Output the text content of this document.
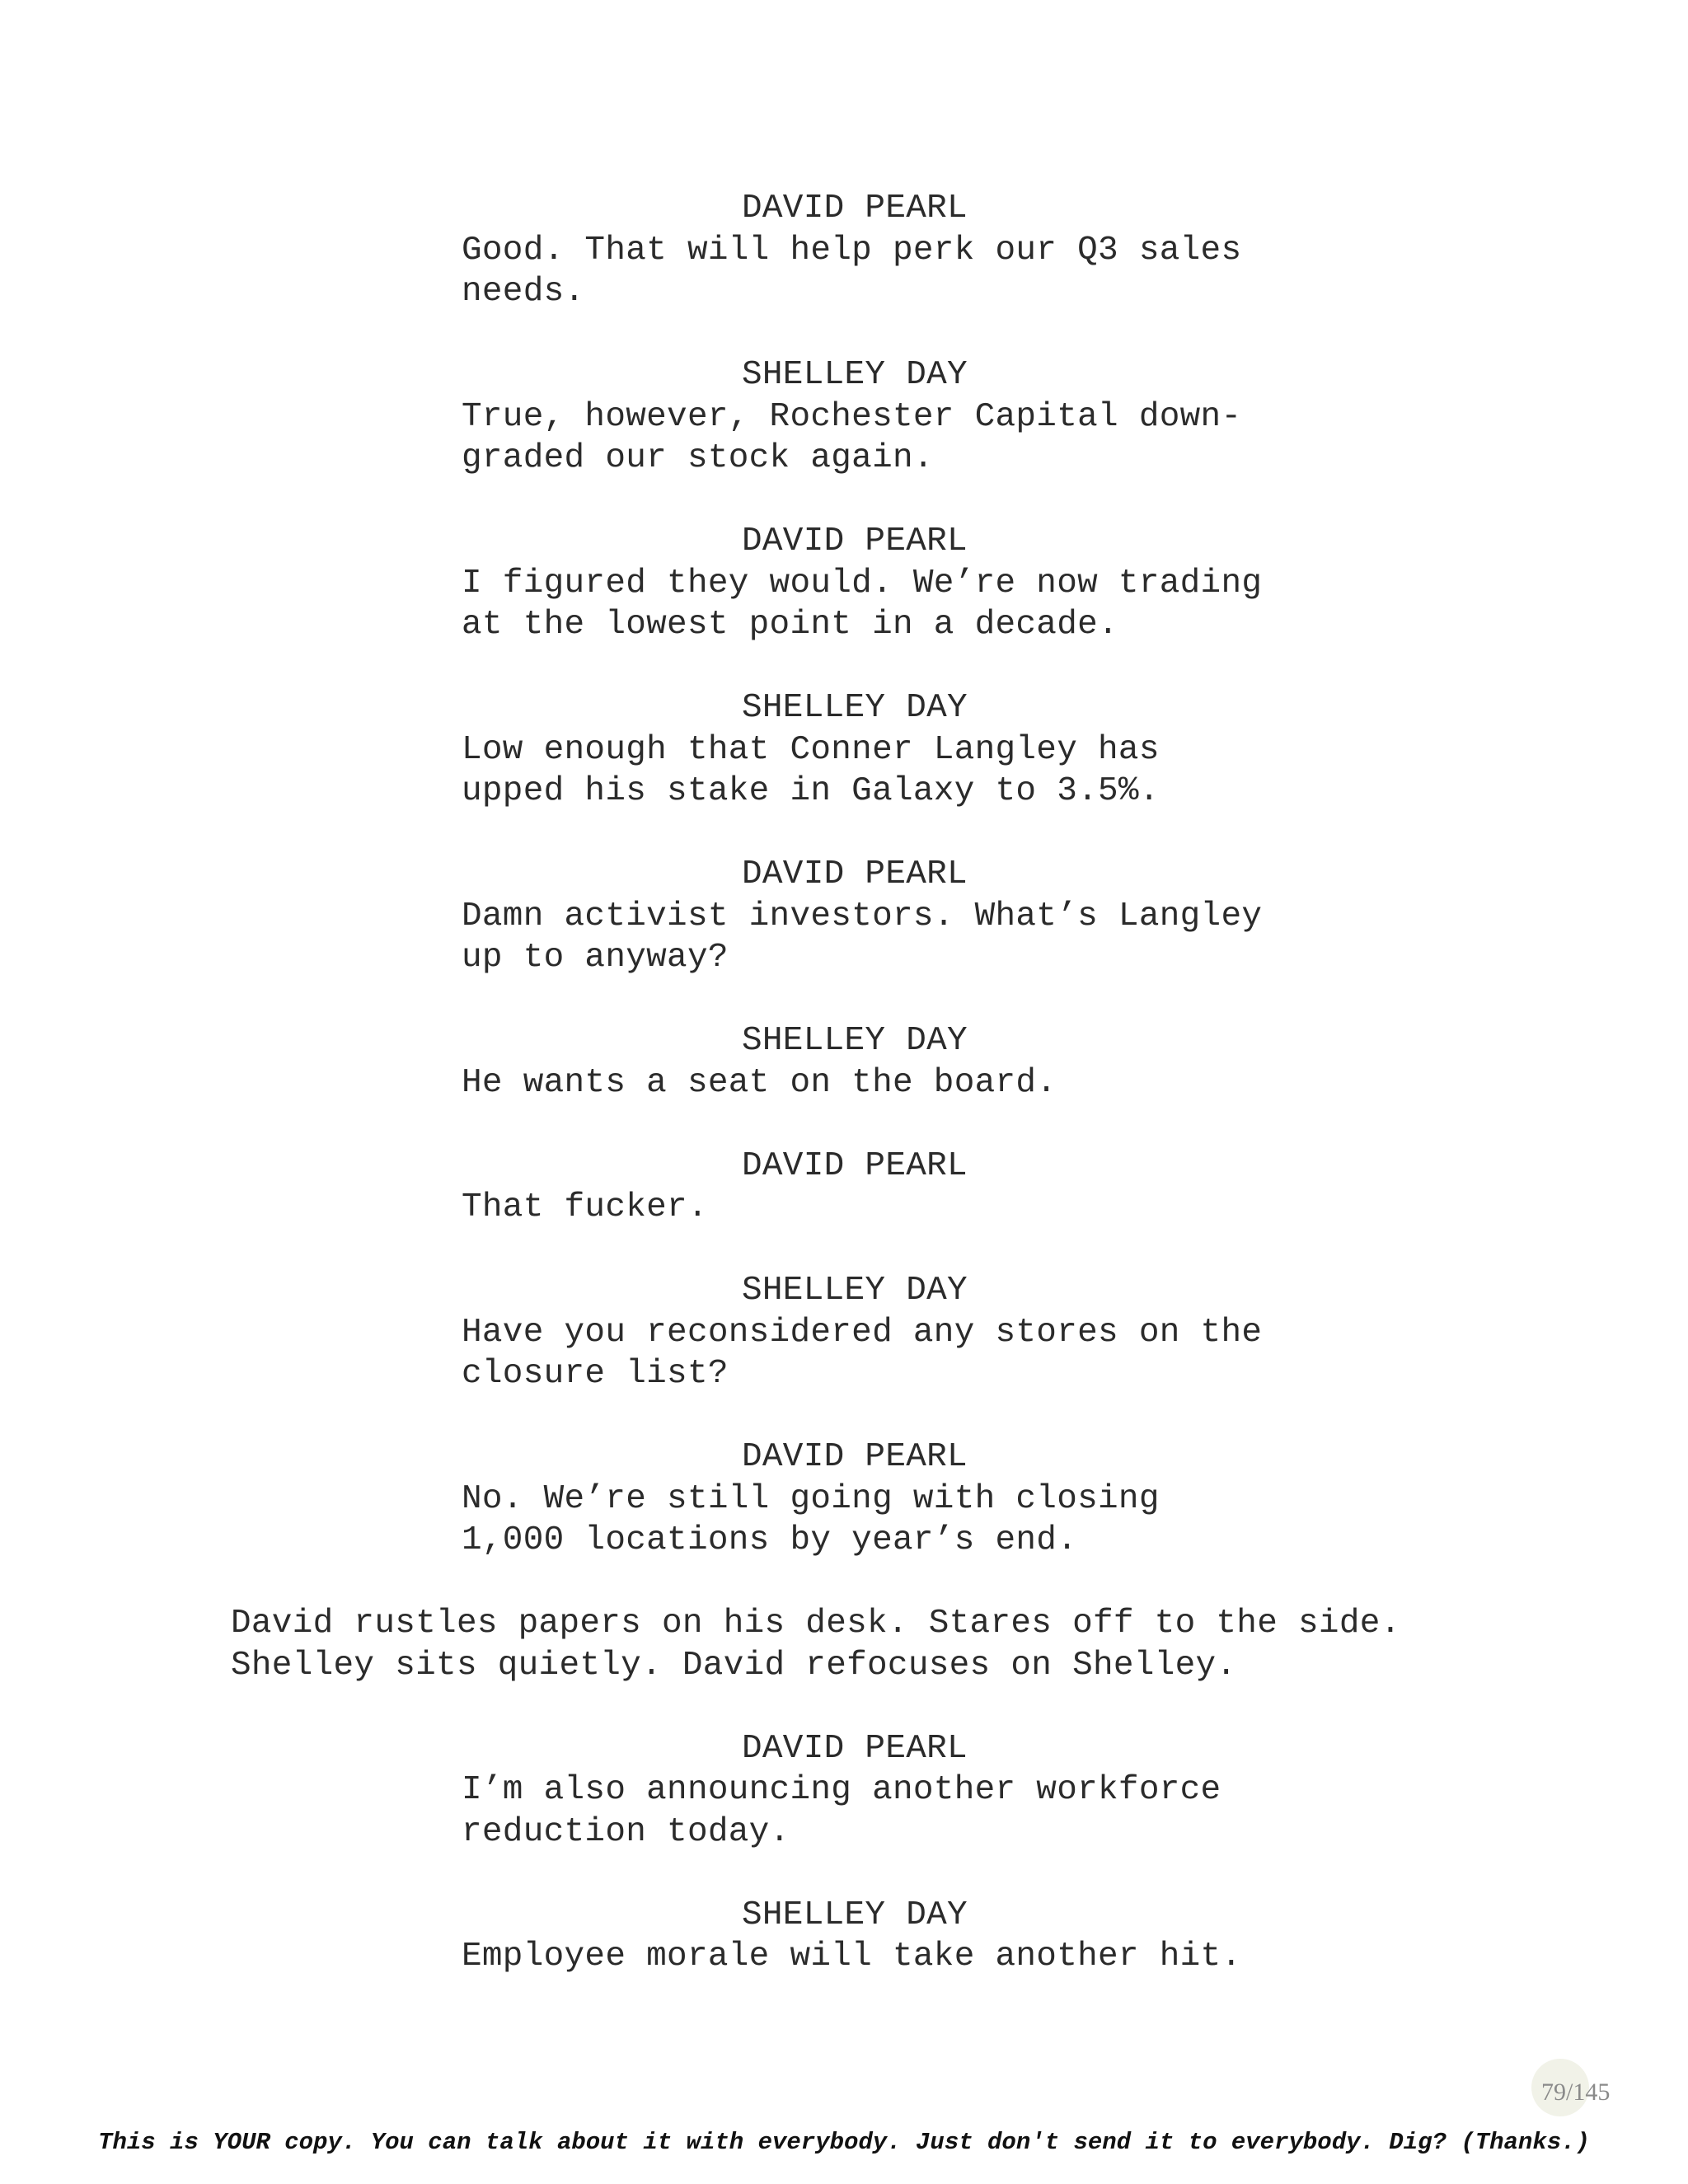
DAVID PEARL
Good. That will help perk our Q3 sales
needs.
SHELLEY DAY
True, however, Rochester Capital down-
graded our stock again.
DAVID PEARL
I figured they would. We’re now trading
at the lowest point in a decade.
SHELLEY DAY
Low enough that Conner Langley has
upped his stake in Galaxy to 3.5%.
DAVID PEARL
Damn activist investors. What’s Langley
up to anyway?
SHELLEY DAY
He wants a seat on the board.
DAVID PEARL
That fucker.
SHELLEY DAY
Have you reconsidered any stores on the
closure list?
DAVID PEARL
No. We’re still going with closing
1,000 locations by year’s end.
David rustles papers on his desk. Stares off to the side.
Shelley sits quietly. David refocuses on Shelley.
DAVID PEARL
I’m also announcing another workforce
reduction today.
SHELLEY DAY
Employee morale will take another hit.
79/145
This is YOUR copy. You can talk about it with everybody. Just don't send it to everybody. Dig? (Thanks.)
